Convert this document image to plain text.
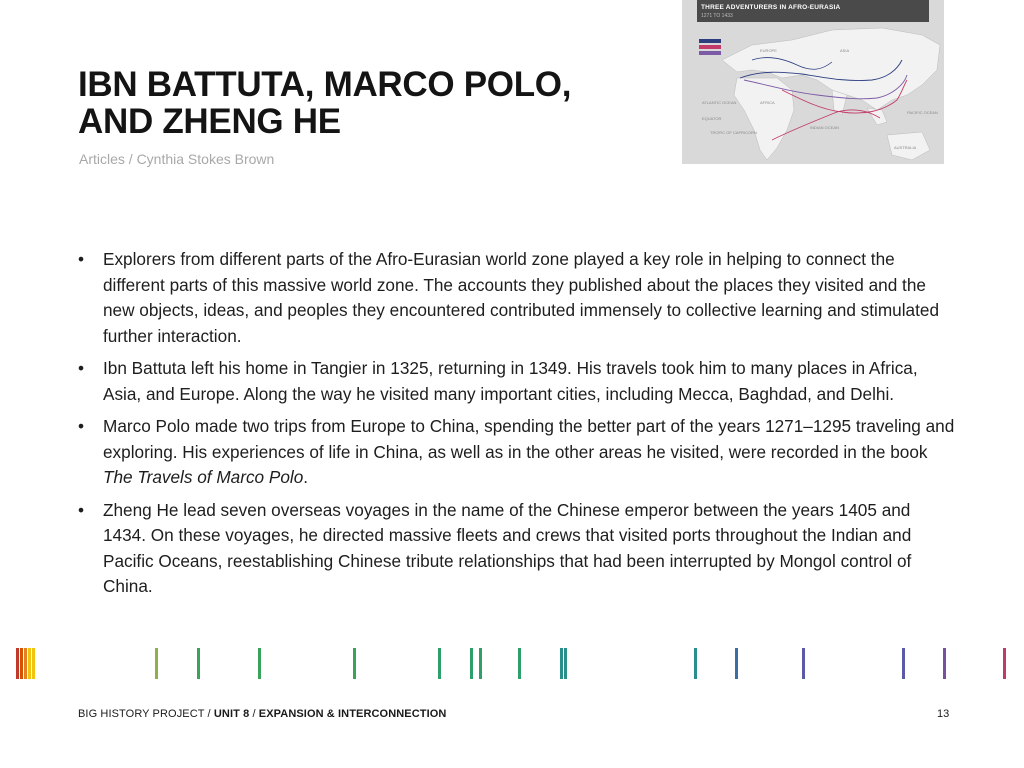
IBN BATTUTA, MARCO POLO,
AND ZHENG HE
Articles / Cynthia Stokes Brown
THREE ADVENTURERS IN AFRO-EURASIA
1271 TO 1433
EUROPE	ASIA
AFRICA
INDIAN OCEAN
AUSTRALIA
PACIFIC OCEAN
ATLANTIC OCEAN
TROPIC OF CAPRICORN
EQUATOR
• Explorers from different parts of the Afro-Eurasian world zone played a key role in helping to connect the different parts of this massive world zone. The accounts they published about the places they visited and the new objects, ideas, and peoples they encountered contributed immensely to collective learning and stimulated further interaction.
• Ibn Battuta left his home in Tangier in 1325, returning in 1349. His travels took him to many places in Africa, Asia, and Europe. Along the way he visited many important cities, including Mecca, Baghdad, and Delhi.
• Marco Polo made two trips from Europe to China, spending the better part of the years 1271–1295 traveling and exploring. His experiences of life in China, as well as in the other areas he visited, were recorded in the book The Travels of Marco Polo.
• Zheng He lead seven overseas voyages in the name of the Chinese emperor between the years 1405 and 1434. On these voyages, he directed massive fleets and crews that visited ports throughout the Indian and Pacific Oceans, reestablishing Chinese tribute relationships that had been interrupted by Mongol control of China.
BIG HISTORY PROJECT / UNIT 8 / EXPANSION & INTERCONNECTION	13
